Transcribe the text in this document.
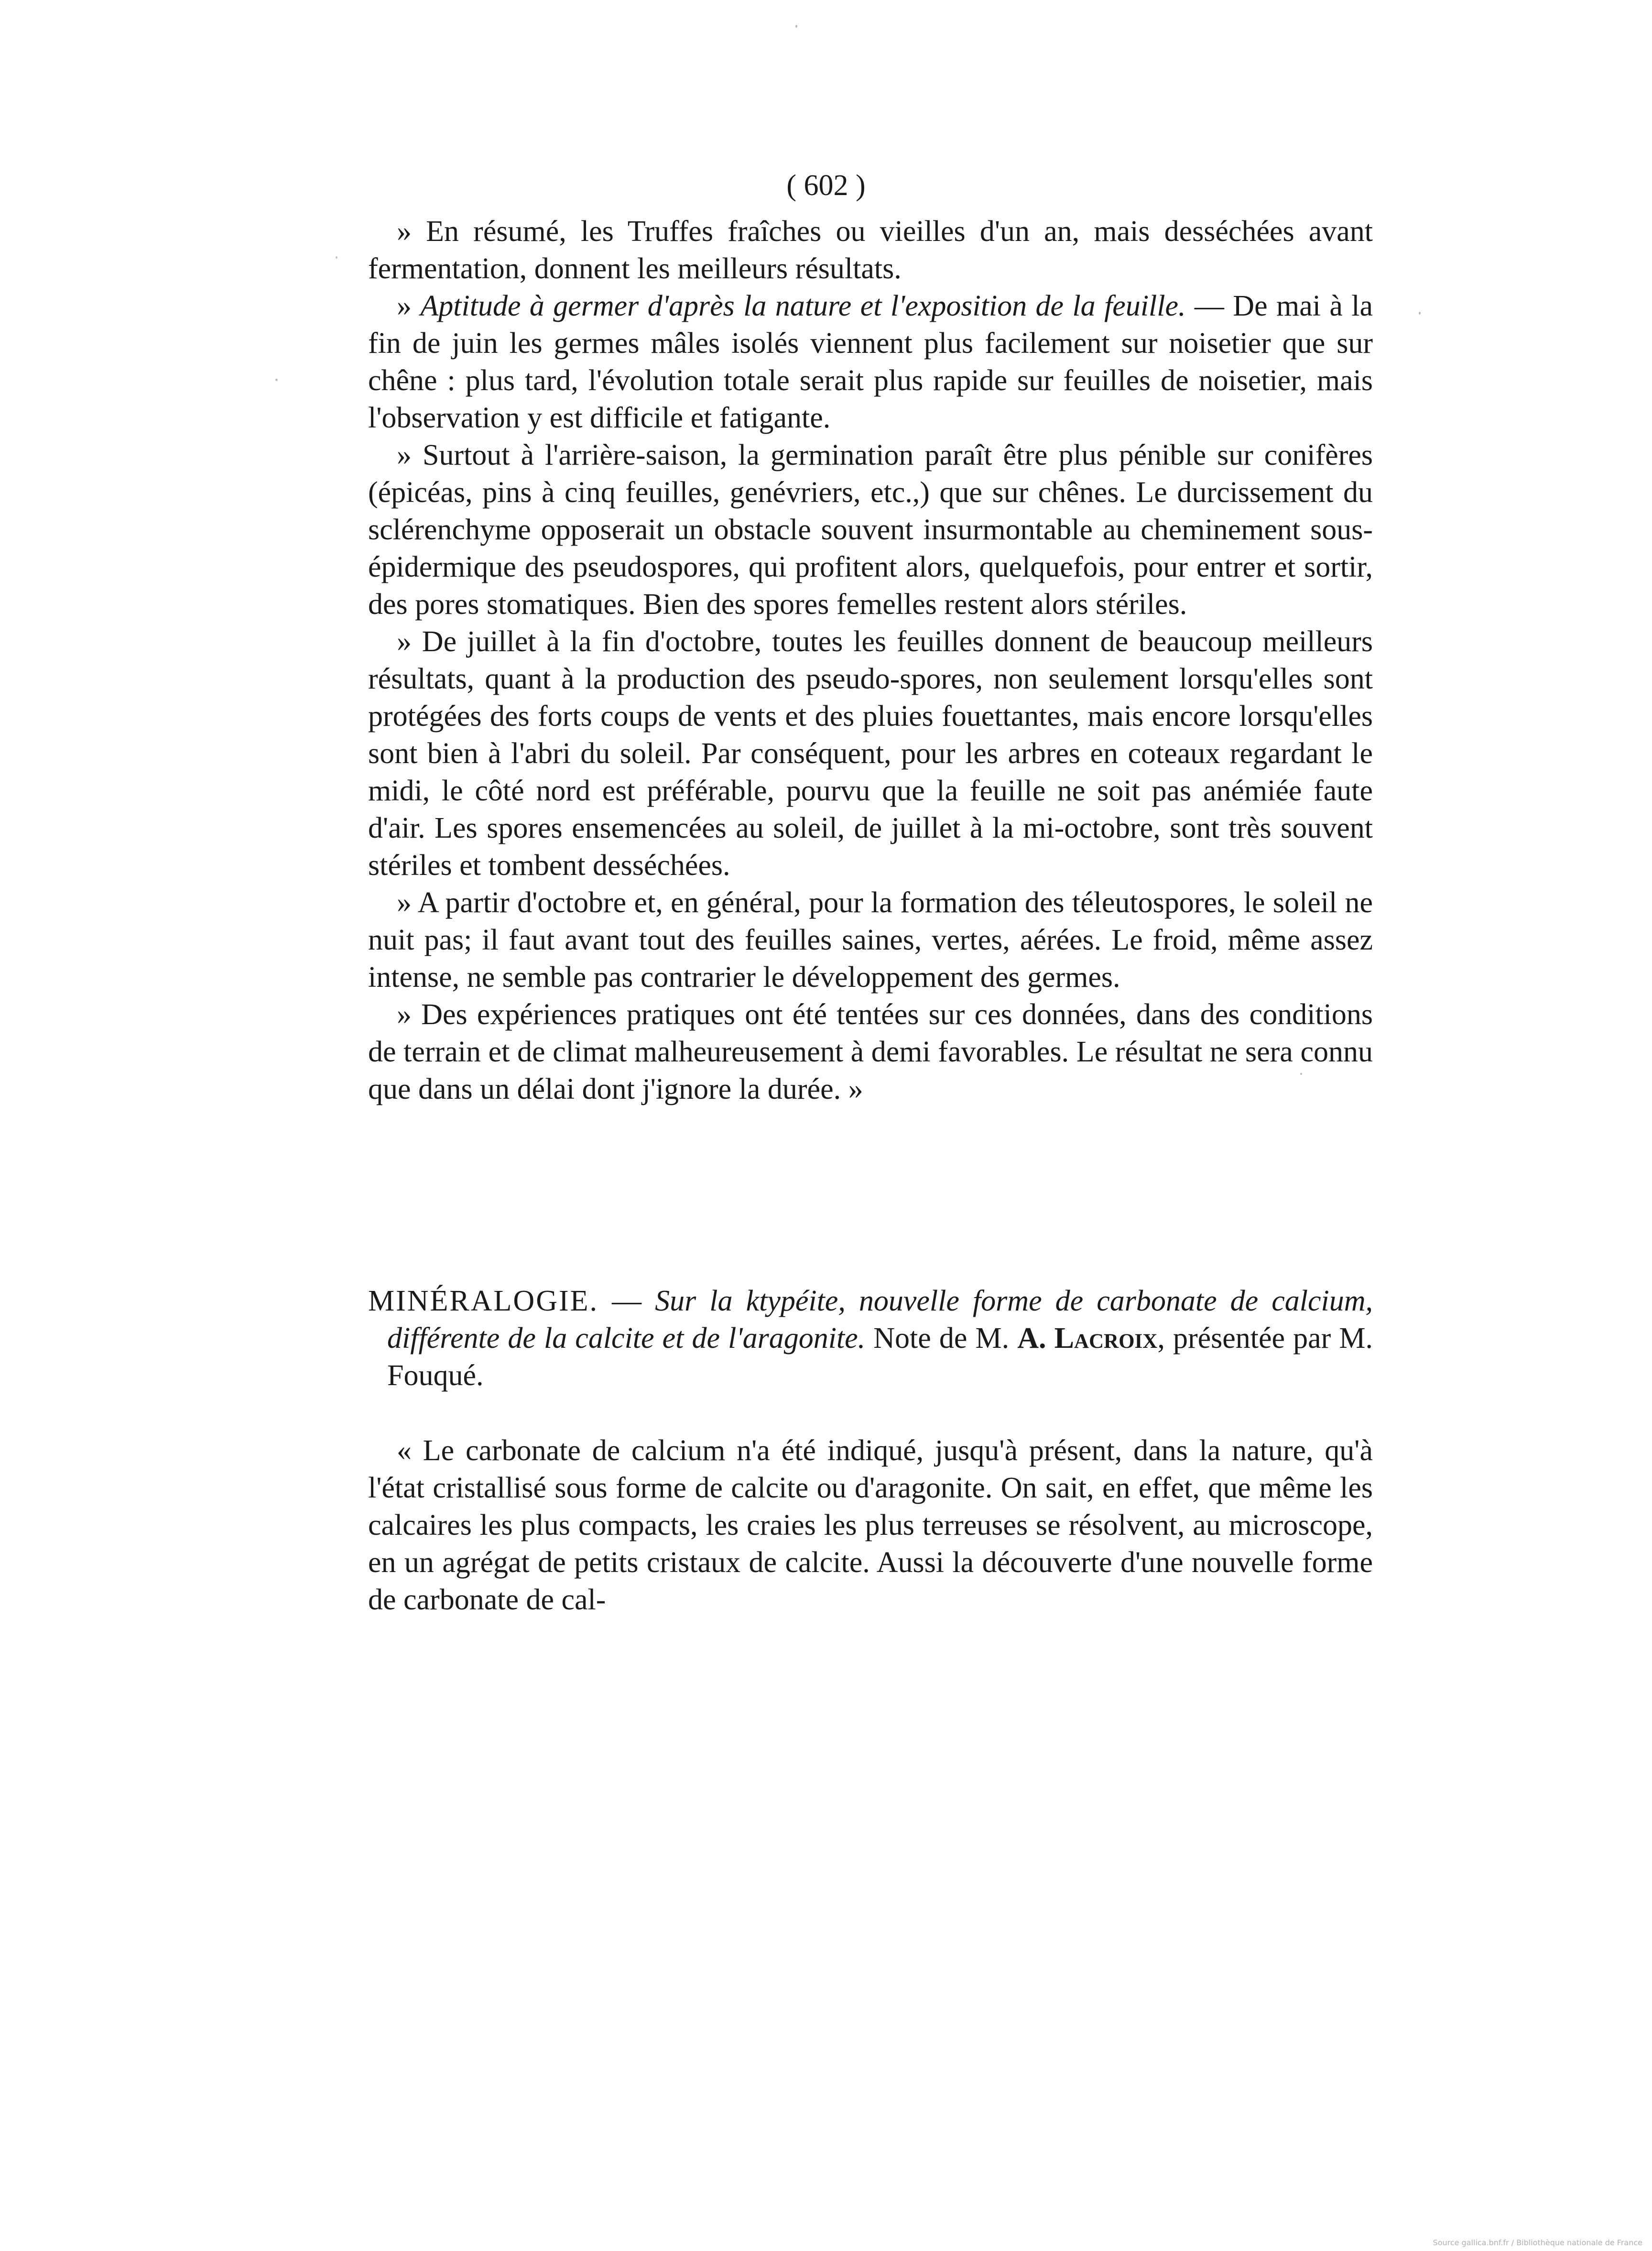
( 602 )

» En résumé, les Truffes fraîches ou vieilles d'un an, mais desséchées avant fermentation, donnent les meilleurs résultats.

» Aptitude à germer d'après la nature et l'exposition de la feuille. — De mai à la fin de juin les germes mâles isolés viennent plus facilement sur noisetier que sur chêne : plus tard, l'évolution totale serait plus rapide sur feuilles de noisetier, mais l'observation y est difficile et fatigante.

» Surtout à l'arrière-saison, la germination paraît être plus pénible sur conifères (épicéas, pins à cinq feuilles, genévriers, etc.,) que sur chênes. Le durcissement du sclérenchyme opposerait un obstacle souvent insurmontable au cheminement sous-épidermique des pseudospores, qui profitent alors, quelquefois, pour entrer et sortir, des pores stomatiques. Bien des spores femelles restent alors stériles.

» De juillet à la fin d'octobre, toutes les feuilles donnent de beaucoup meilleurs résultats, quant à la production des pseudo-spores, non seulement lorsqu'elles sont protégées des forts coups de vents et des pluies fouettantes, mais encore lorsqu'elles sont bien à l'abri du soleil. Par conséquent, pour les arbres en coteaux regardant le midi, le côté nord est préférable, pourvu que la feuille ne soit pas anémiée faute d'air. Les spores ensemencées au soleil, de juillet à la mi-octobre, sont très souvent stériles et tombent desséchées.

» A partir d'octobre et, en général, pour la formation des téleutospores, le soleil ne nuit pas; il faut avant tout des feuilles saines, vertes, aérées. Le froid, même assez intense, ne semble pas contrarier le développement des germes.

» Des expériences pratiques ont été tentées sur ces données, dans des conditions de terrain et de climat malheureusement à demi favorables. Le résultat ne sera connu que dans un délai dont j'ignore la durée. »

MINÉRALOGIE. — Sur la ktypéite, nouvelle forme de carbonate de calcium, différente de la calcite et de l'aragonite. Note de M. A. Lacroix, présentée par M. Fouqué.

« Le carbonate de calcium n'a été indiqué, jusqu'à présent, dans la nature, qu'à l'état cristallisé sous forme de calcite ou d'aragonite. On sait, en effet, que même les calcaires les plus compacts, les craies les plus terreuses se résolvent, au microscope, en un agrégat de petits cristaux de calcite. Aussi la découverte d'une nouvelle forme de carbonate de cal-

Source gallica.bnf.fr / Bibliothèque nationale de France
